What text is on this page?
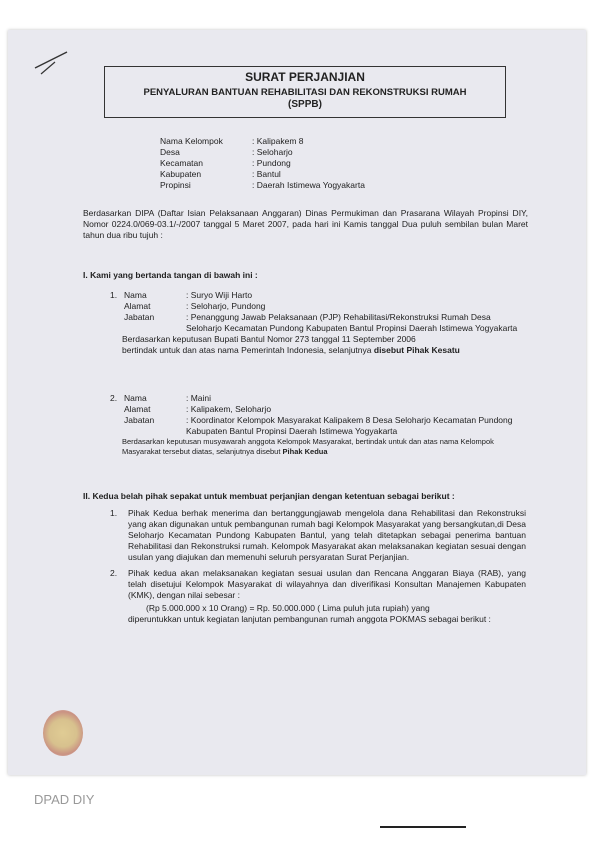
SURAT PERJANJIAN
PENYALURAN BANTUAN REHABILITASI DAN REKONSTRUKSI RUMAH
(SPPB)
Nama Kelompok	: Kalipakem 8
Desa	: Seloharjo
Kecamatan	: Pundong
Kabupaten	: Bantul
Propinsi	: Daerah Istimewa Yogyakarta
Berdasarkan DIPA (Daftar Isian Pelaksanaan Anggaran) Dinas Permukiman dan Prasarana Wilayah Propinsi DIY, Nomor 0224.0/069-03.1/-/2007 tanggal 5 Maret 2007, pada hari ini Kamis tanggal Dua puluh sembilan bulan Maret tahun dua ribu tujuh :
I. Kami yang bertanda tangan di bawah ini :
1.	Nama	: Suryo Wiji Harto
	Alamat	: Seloharjo, Pundong
	Jabatan	: Penanggung Jawab Pelaksanaan (PJP) Rehabilitasi/Rekonstruksi Rumah Desa Seloharjo Kecamatan Pundong Kabupaten Bantul Propinsi Daerah Istimewa Yogyakarta
Berdasarkan keputusan Bupati Bantul Nomor 273 tanggal 11 September 2006
bertindak untuk dan atas nama Pemerintah Indonesia, selanjutnya disebut Pihak Kesatu
2.	Nama	: Maini
	Alamat	: Kalipakem, Seloharjo
	Jabatan	: Koordinator Kelompok Masyarakat Kalipakem 8 Desa Seloharjo Kecamatan Pundong Kabupaten Bantul Propinsi Daerah Istimewa Yogyakarta
Berdasarkan keputusan musyawarah anggota Kelompok Masyarakat, bertindak untuk dan atas nama Kelompok Masyarakat tersebut diatas, selanjutnya disebut Pihak Kedua
II. Kedua belah pihak sepakat untuk membuat perjanjian dengan ketentuan sebagai berikut :
1.	Pihak Kedua berhak menerima dan bertanggungjawab mengelola dana Rehabilitasi dan Rekonstruksi yang akan digunakan untuk pembangunan rumah bagi Kelompok Masyarakat yang bersangkutan,di Desa Seloharjo Kecamatan Pundong Kabupaten Bantul, yang telah ditetapkan sebagai penerima bantuan Rehabilitasi dan Rekonstruksi rumah. Kelompok Masyarakat akan melaksanakan kegiatan sesuai dengan usulan yang diajukan dan memenuhi seluruh persyaratan Surat Perjanjian.
2.	Pihak kedua akan melaksanakan kegiatan sesuai usulan dan Rencana Anggaran Biaya (RAB), yang telah disetujui Kelompok Masyarakat di wilayahnya dan diverifikasi Konsultan Manajemen Kabupaten (KMK), dengan nilai sebesar :
(Rp 5.000.000 x 10 Orang) = Rp. 50.000.000 ( Lima puluh juta rupiah) yang
diperuntukkan untuk kegiatan lanjutan pembangunan rumah anggota POKMAS sebagai berikut :
DPAD DIY
